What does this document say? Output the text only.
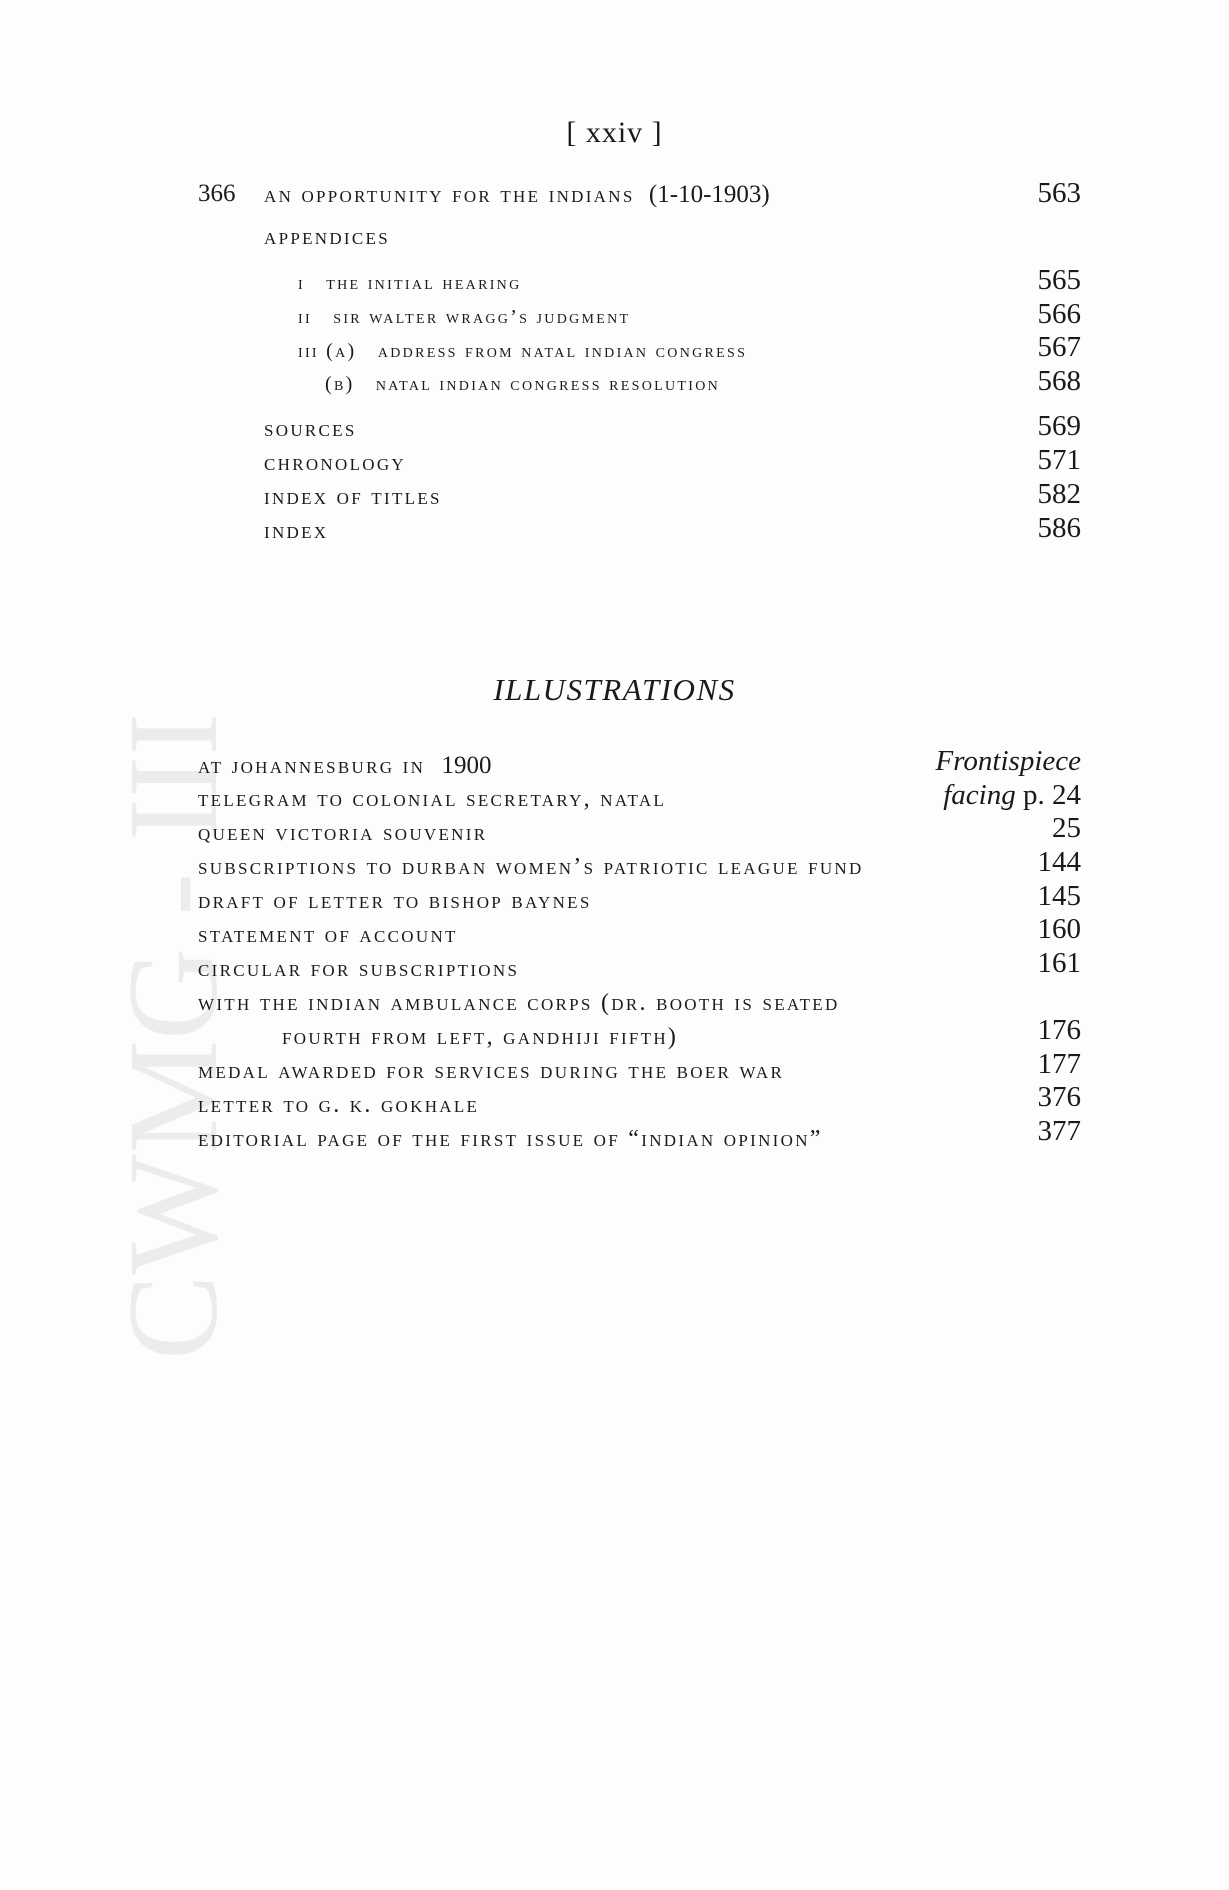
CWMG - III
[ xxiv ]
366 an opportunity for the indians (1-10-1903)	563
appendices
i the initial hearing	565
ii sir walter wragg’s judgment	566
iii (a) address from natal indian congress	567
(b) natal indian congress resolution	568
sources	569
chronology	571
index of titles	582
index	586
ILLUSTRATIONS
at johannesburg in 1900	Frontispiece
telegram to colonial secretary, natal	facing p. 24
queen victoria souvenir	25
subscriptions to durban women’s patriotic league fund	144
draft of letter to bishop baynes	145
statement of account	160
circular for subscriptions	161
with the indian ambulance corps (dr. booth is seated
fourth from left, gandhiji fifth)	176
medal awarded for services during the boer war	177
letter to g. k. gokhale	376
editorial page of the first issue of “indian opinion”	377
